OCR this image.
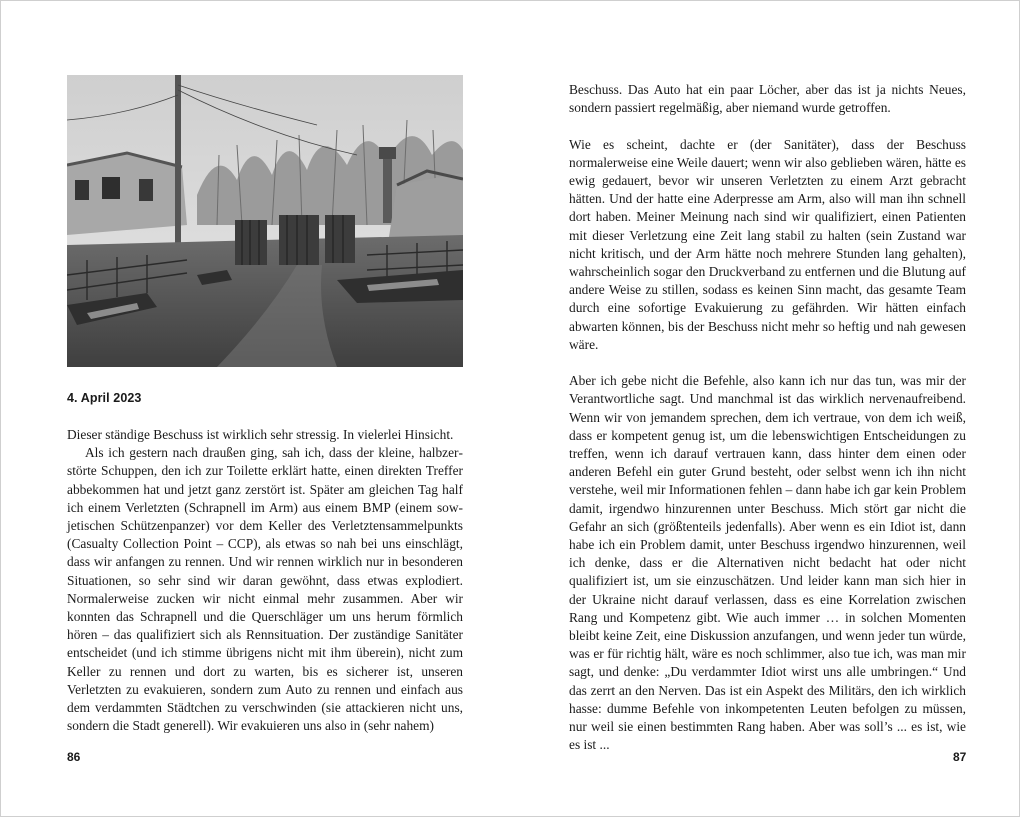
4. April 2023

Dieser ständige Beschuss ist wirklich sehr stressig. In vielerlei Hinsicht.

Als ich gestern nach draußen ging, sah ich, dass der kleine, halbzerstörte Schuppen, den ich zur Toilette erklärt hatte, einen direkten Treffer abbekommen hat und jetzt ganz zerstört ist. Später am gleichen Tag half ich einem Verletzten (Schrapnell im Arm) aus einem BMP (einem sowjetischen Schützenpanzer) vor dem Keller des Verletztensammelpunkts (Casualty Collection Point – CCP), als etwas so nah bei uns einschlägt, dass wir anfangen zu rennen. Und wir rennen wirklich nur in besonderen Situationen, so sehr sind wir daran gewöhnt, dass etwas explodiert. Normalerweise zucken wir nicht einmal mehr zusammen. Aber wir konnten das Schrapnell und die Querschläger um uns herum förmlich hören – das qualifiziert sich als Rennsituation. Der zuständige Sanitäter entscheidet (und ich stimme übrigens nicht mit ihm überein), nicht zum Keller zu rennen und dort zu warten, bis es sicherer ist, unseren Verletzten zu evakuieren, sondern zum Auto zu rennen und einfach aus dem verdammten Städtchen zu verschwinden (sie attackieren nicht uns, sondern die Stadt generell). Wir evakuieren uns also in (sehr nahem)

86

Beschuss. Das Auto hat ein paar Löcher, aber das ist ja nichts Neues, sondern passiert regelmäßig, aber niemand wurde getroffen.

Wie es scheint, dachte er (der Sanitäter), dass der Beschuss normalerweise eine Weile dauert; wenn wir also geblieben wären, hätte es ewig gedauert, bevor wir unseren Verletzten zu einem Arzt gebracht hätten. Und der hatte eine Aderpresse am Arm, also will man ihn schnell dort haben. Meiner Meinung nach sind wir qualifiziert, einen Patienten mit dieser Verletzung eine Zeit lang stabil zu halten (sein Zustand war nicht kritisch, und der Arm hätte noch mehrere Stunden lang gehalten), wahrscheinlich sogar den Druckverband zu entfernen und die Blutung auf andere Weise zu stillen, sodass es keinen Sinn macht, das gesamte Team durch eine sofortige Evakuierung zu gefährden. Wir hätten einfach abwarten können, bis der Beschuss nicht mehr so heftig und nah gewesen wäre.

Aber ich gebe nicht die Befehle, also kann ich nur das tun, was mir der Verantwortliche sagt. Und manchmal ist das wirklich nervenaufreibend. Wenn wir von jemandem sprechen, dem ich vertraue, von dem ich weiß, dass er kompetent genug ist, um die lebenswichtigen Entscheidungen zu treffen, wenn ich darauf vertrauen kann, dass hinter dem einen oder anderen Befehl ein guter Grund besteht, oder selbst wenn ich ihn nicht verstehe, weil mir Informationen fehlen – dann habe ich gar kein Problem damit, irgendwo hinzurennen unter Beschuss. Mich stört gar nicht die Gefahr an sich (größtenteils jedenfalls). Aber wenn es ein Idiot ist, dann habe ich ein Problem damit, unter Beschuss irgendwo hinzurennen, weil ich denke, dass er die Alternativen nicht bedacht hat oder nicht qualifiziert ist, um sie einzuschätzen. Und leider kann man sich hier in der Ukraine nicht darauf verlassen, dass es eine Korrelation zwischen Rang und Kompetenz gibt. Wie auch immer … in solchen Momenten bleibt keine Zeit, eine Diskussion anzufangen, und wenn jeder tun würde, was er für richtig hält, wäre es noch schlimmer, also tue ich, was man mir sagt, und denke: „Du verdammter Idiot wirst uns alle umbringen.“ Und das zerrt an den Nerven. Das ist ein Aspekt des Militärs, den ich wirklich hasse: dumme Befehle von inkompetenten Leuten befolgen zu müssen, nur weil sie einen bestimmten Rang haben. Aber was soll’s ... es ist, wie es ist ...

87
